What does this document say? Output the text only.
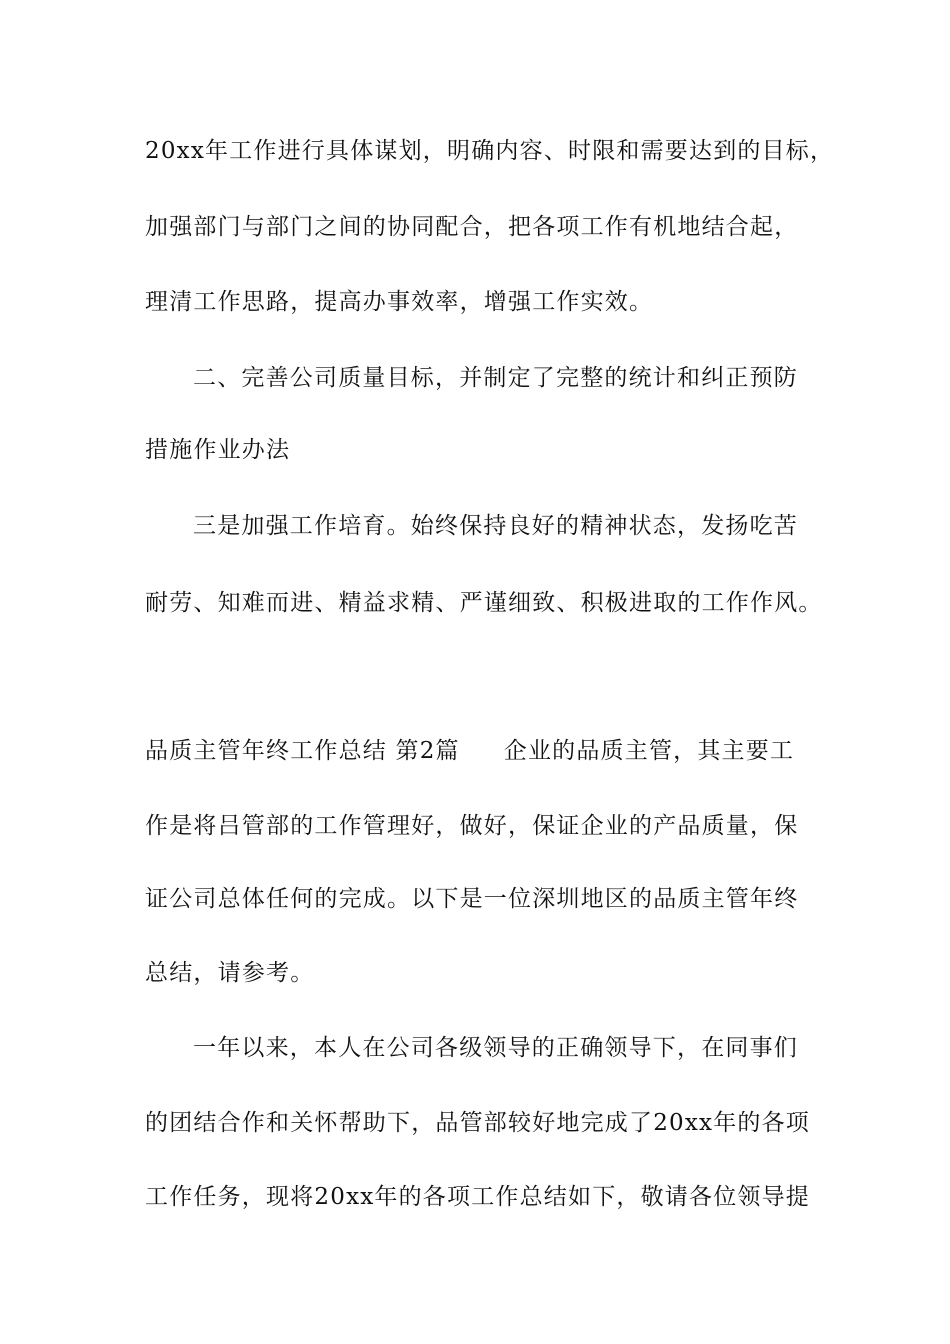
20xx年工作进行具体谋划，明确内容、时限和需要达到的目标，
加强部门与部门之间的协同配合，把各项工作有机地结合起，
理清工作思路，提高办事效率，增强工作实效。
二、完善公司质量目标，并制定了完整的统计和纠正预防
措施作业办法
三是加强工作培育。始终保持良好的精神状态，发扬吃苦
耐劳、知难而进、精益求精、严谨细致、积极进取的工作作风。
品质主管年终工作总结 第2篇 企业的品质主管，其主要工
作是将吕管部的工作管理好，做好，保证企业的产品质量，保
证公司总体任何的完成。以下是一位深圳地区的品质主管年终
总结，请参考。
一年以来，本人在公司各级领导的正确领导下，在同事们
的团结合作和关怀帮助下，品管部较好地完成了20xx年的各项
工作任务，现将20xx年的各项工作总结如下，敬请各位领导提
